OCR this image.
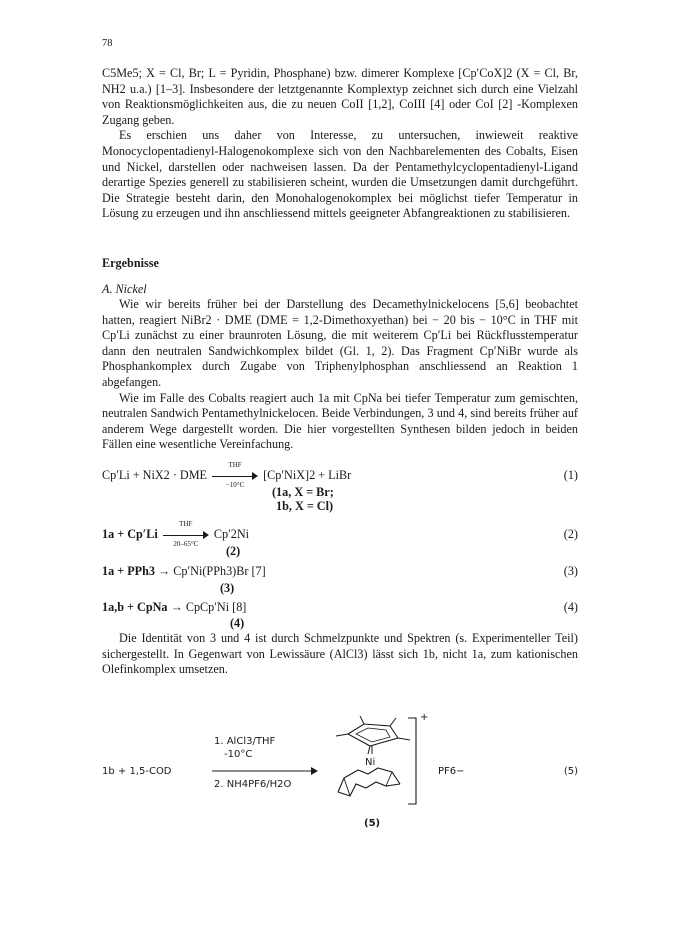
78

C5Me5; X = Cl, Br; L = Pyridin, Phosphane) bzw. dimerer Komplexe [Cp′CoX]2 (X = Cl, Br, NH2 u.a.) [1–3]. Insbesondere der letztgenannte Komplextyp zeichnet sich durch eine Vielzahl von Reaktionsmöglichkeiten aus, die zu neuen CoII [1,2], CoIII [4] oder CoI [2] -Komplexen Zugang geben.

Es erschien uns daher von Interesse, zu untersuchen, inwieweit reaktive Monocyclopentadienyl-Halogenokomplexe sich von den Nachbarelementen des Cobalts, Eisen und Nickel, darstellen oder nachweisen lassen. Da der Pentamethylcyclopentadienyl-Ligand derartige Spezies generell zu stabilisieren scheint, wurden die Umsetzungen damit durchgeführt. Die Strategie besteht darin, den Monohalogenokomplex bei möglichst tiefer Temperatur in Lösung zu erzeugen und ihn anschliessend mittels geeigneter Abfangreaktionen zu stabilisieren.

Ergebnisse
A. Nickel

Wie wir bereits früher bei der Darstellung des Decamethylnickelocens [5,6] beobachtet hatten, reagiert NiBr2 · DME (DME = 1,2-Dimethoxyethan) bei − 20 bis − 10°C in THF mit Cp′Li zunächst zu einer braunroten Lösung, die mit weiterem Cp′Li bei Rückflusstemperatur dann den neutralen Sandwichkomplex bildet (Gl. 1, 2). Das Fragment Cp′NiBr wurde als Phosphankomplex durch Zugabe von Triphenylphosphan anschliessend an Reaktion 1 abgefangen.

Wie im Falle des Cobalts reagiert auch 1a mit CpNa bei tiefer Temperatur zum gemischten, neutralen Sandwich Pentamethylnickelocen. Beide Verbindungen, 3 und 4, sind bereits früher auf anderem Wege dargestellt worden. Die hier vorgestellten Synthesen bilden jedoch in beiden Fällen eine wesentliche Vereinfachung.

Cp′Li + NiX2 · DME
THF
−10°C
[Cp′NiX]2 + LiBr	(1)
(1a, X = Br;
1b, X = Cl)
1a + Cp′Li
THF
20–65°C
Cp′2Ni	(2)
(2)
1a + PPh3 → Cp′Ni(PPh3)Br [7]	(3)
(3)
1a,b + CpNa → CpCp′Ni [8]	(4)
(4)

Die Identität von 3 und 4 ist durch Schmelzpunkte und Spektren (s. Experimenteller Teil) sichergestellt. In Gegenwart von Lewissäure (AlCl3) lässt sich 1b, nicht 1a, zum kationischen Olefinkomplex umsetzen.

1b + 1,5-COD
1. AlCl3/THF
-10°C
2. NH4PF6/H2O
Ni
+
PF6−
(5)
(5)
